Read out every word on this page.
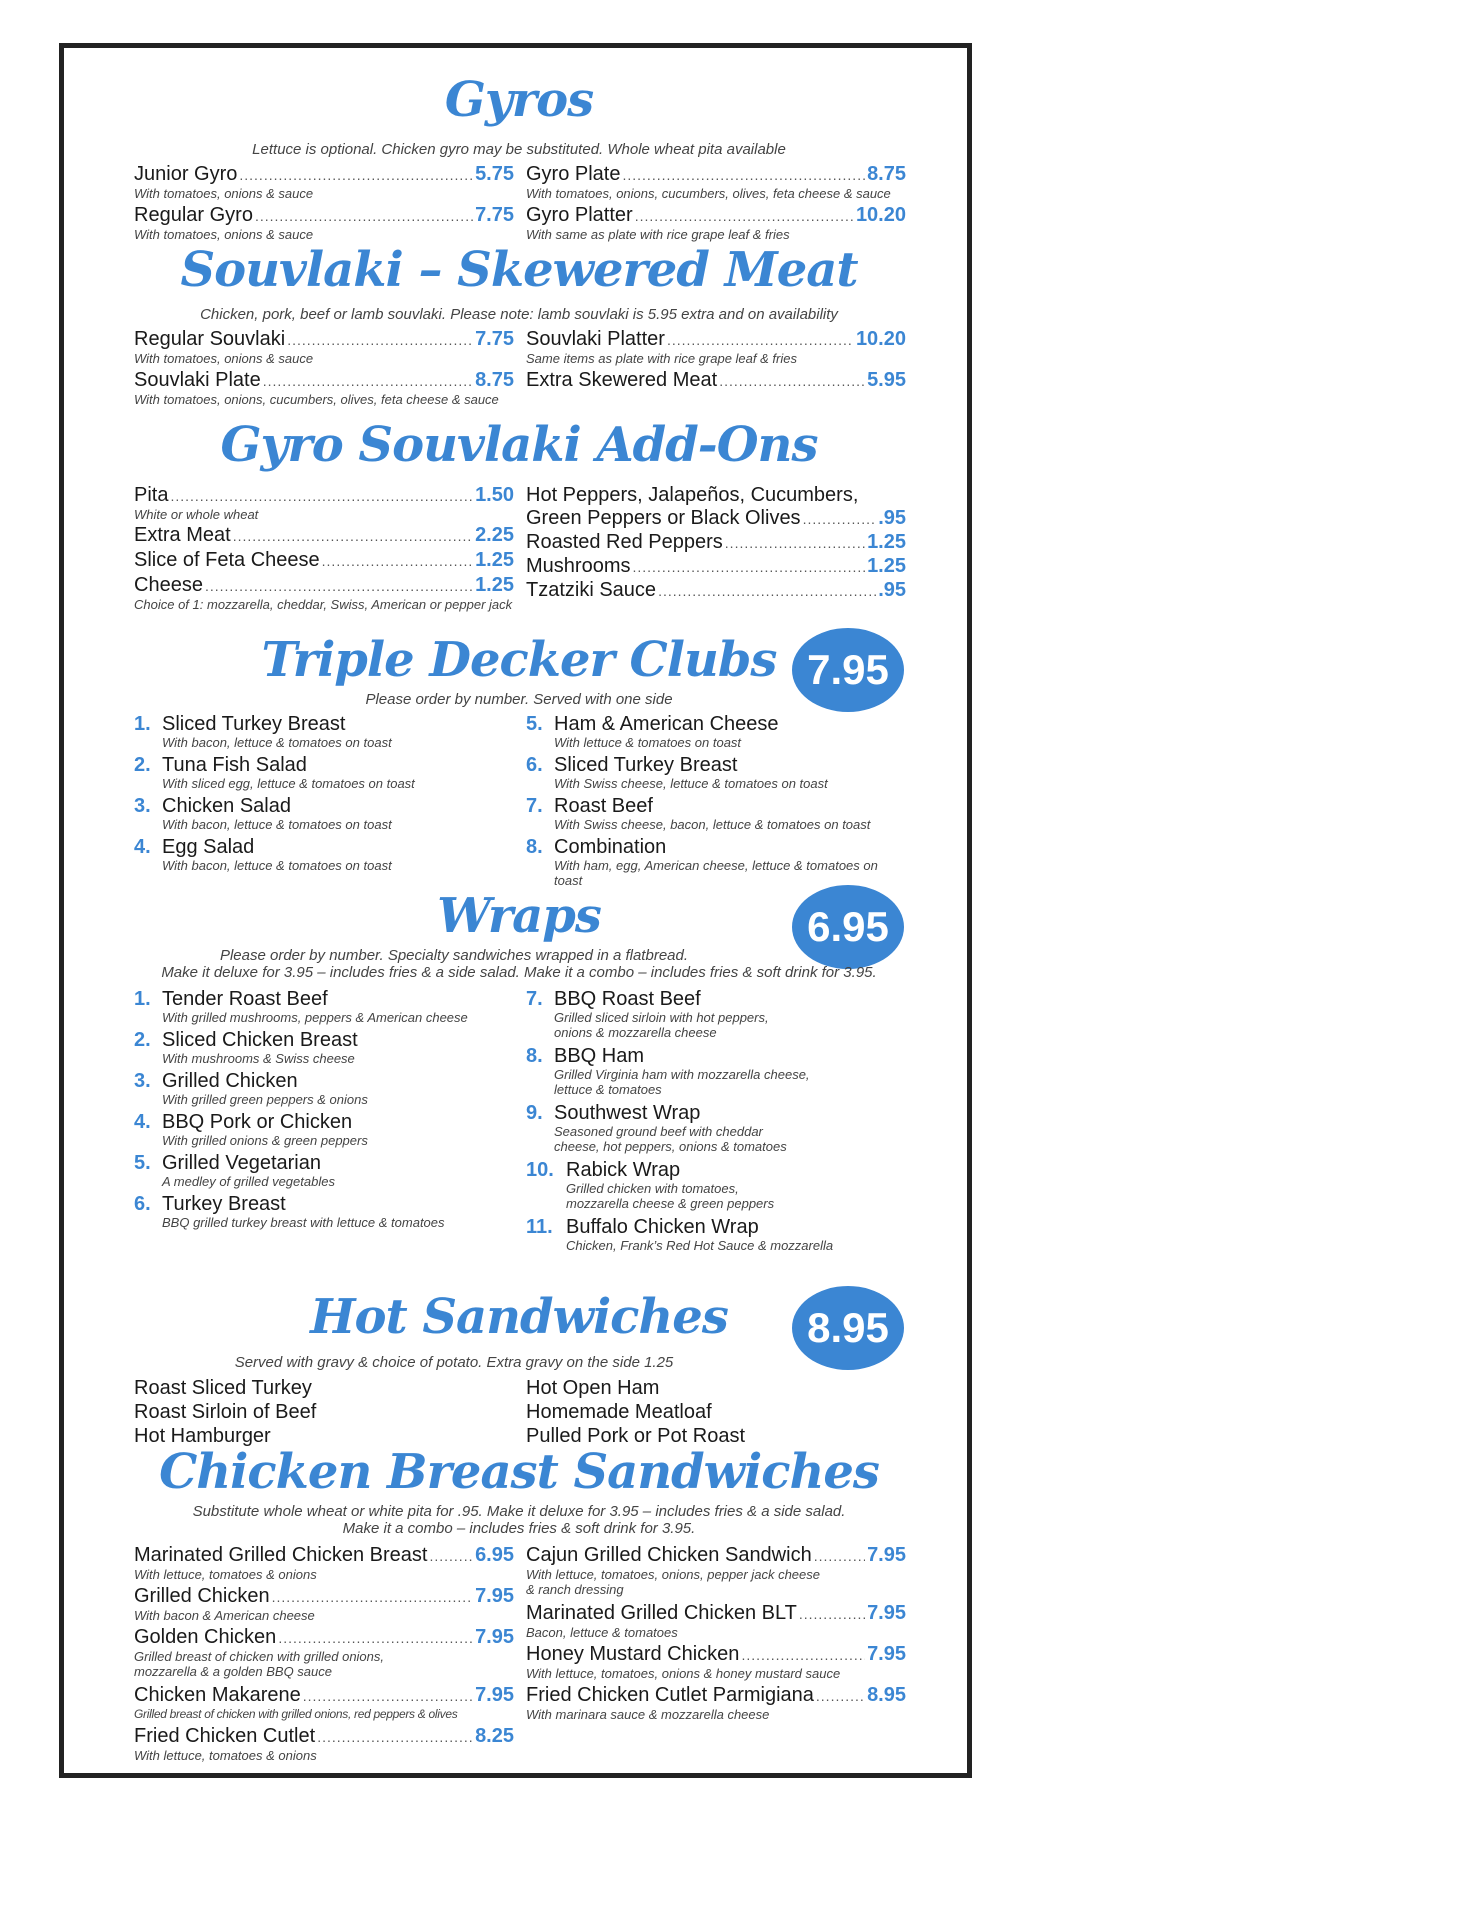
Gyros
Lettuce is optional. Chicken gyro may be substituted. Whole wheat pita available
Junior Gyro .....	5.75
With tomatoes, onions & sauce
Regular Gyro .....	7.75
With tomatoes, onions & sauce
Gyro Plate .....	8.75
With tomatoes, onions, cucumbers, olives, feta cheese & sauce
Gyro Platter .....	10.20
With same as plate with rice grape leaf & fries
Souvlaki – Skewered Meat
Chicken, pork, beef or lamb souvlaki. Please note: lamb souvlaki is 5.95 extra and on availability
Regular Souvlaki .....	7.75
With tomatoes, onions & sauce
Souvlaki Plate .....	8.75
With tomatoes, onions, cucumbers, olives, feta cheese & sauce
Souvlaki Platter .....	10.20
Same items as plate with rice grape leaf & fries
Extra Skewered Meat .....	5.95
Gyro Souvlaki Add-Ons
Pita .....	1.50
White or whole wheat
Extra Meat .....	2.25
Slice of Feta Cheese .....	1.25
Cheese .....	1.25
Choice of 1: mozzarella, cheddar, Swiss, American or pepper jack
Hot Peppers, Jalapeños, Cucumbers,
Green Peppers or Black Olives .....	.95
Roasted Red Peppers .....	1.25
Mushrooms .....	1.25
Tzatziki Sauce .....	.95
Triple Decker Clubs 7.95
Please order by number. Served with one side
1. Sliced Turkey Breast
With bacon, lettuce & tomatoes on toast
2. Tuna Fish Salad
With sliced egg, lettuce & tomatoes on toast
3. Chicken Salad
With bacon, lettuce & tomatoes on toast
4. Egg Salad
With bacon, lettuce & tomatoes on toast
5. Ham & American Cheese
With lettuce & tomatoes on toast
6. Sliced Turkey Breast
With Swiss cheese, lettuce & tomatoes on toast
7. Roast Beef
With Swiss cheese, bacon, lettuce & tomatoes on toast
8. Combination
With ham, egg, American cheese, lettuce & tomatoes on toast
Wraps	6.95
Please order by number. Specialty sandwiches wrapped in a flatbread.
Make it deluxe for 3.95 – includes fries & a side salad. Make it a combo – includes fries & soft drink for 3.95.
1. Tender Roast Beef
With grilled mushrooms, peppers & American cheese
2. Sliced Chicken Breast
With mushrooms & Swiss cheese
3. Grilled Chicken
With grilled green peppers & onions
4. BBQ Pork or Chicken
With grilled onions & green peppers
5. Grilled Vegetarian
A medley of grilled vegetables
6. Turkey Breast
BBQ grilled turkey breast with lettuce & tomatoes
7. BBQ Roast Beef
Grilled sliced sirloin with hot peppers,
onions & mozzarella cheese
8. BBQ Ham
Grilled Virginia ham with mozzarella cheese,
lettuce & tomatoes
9. Southwest Wrap
Seasoned ground beef with cheddar
cheese, hot peppers, onions & tomatoes
10. Rabick Wrap
Grilled chicken with tomatoes,
mozzarella cheese & green peppers
11. Buffalo Chicken Wrap
Chicken, Frank’s Red Hot Sauce & mozzarella
Hot Sandwiches	8.95
Served with gravy & choice of potato. Extra gravy on the side 1.25
Roast Sliced Turkey
Roast Sirloin of Beef
Hot Hamburger
Hot Open Ham
Homemade Meatloaf
Pulled Pork or Pot Roast
Chicken Breast Sandwiches
Substitute whole wheat or white pita for .95. Make it deluxe for 3.95 – includes fries & a side salad.
Make it a combo – includes fries & soft drink for 3.95.
Marinated Grilled Chicken Breast ..... 6.95
With lettuce, tomatoes & onions
Grilled Chicken .....	7.95
With bacon & American cheese
Golden Chicken .....	7.95
Grilled breast of chicken with grilled onions,
mozzarella & a golden BBQ sauce
Chicken Makarene .....	7.95
Grilled breast of chicken with grilled onions, red peppers & olives
Fried Chicken Cutlet .....	8.25
With lettuce, tomatoes & onions
Cajun Grilled Chicken Sandwich .....	7.95
With lettuce, tomatoes, onions, pepper jack cheese
& ranch dressing
Marinated Grilled Chicken BLT .....	7.95
Bacon, lettuce & tomatoes
Honey Mustard Chicken .....	7.95
With lettuce, tomatoes, onions & honey mustard sauce
Fried Chicken Cutlet Parmigiana .....	8.95
With marinara sauce & mozzarella cheese
